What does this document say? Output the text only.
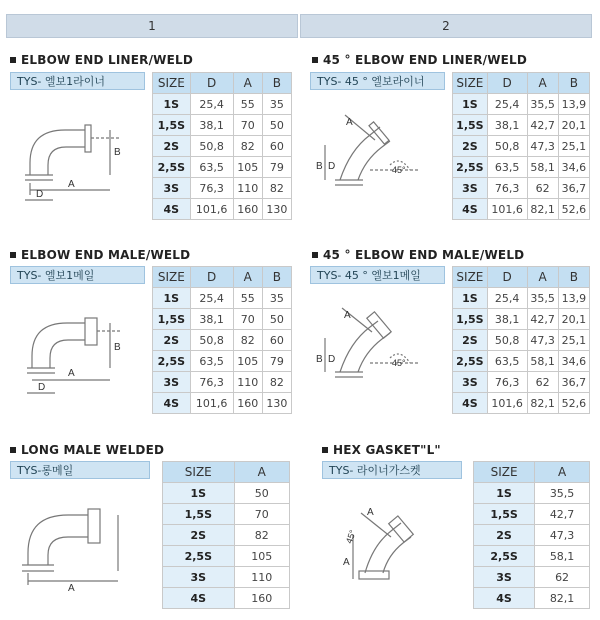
1	2
ELBOW END LINER/WELD
TYS- 엘보1라이너
B
A
D
SIZE	D	A	B
1S	25,4	55	35
1,5S	38,1	70	50
2S	50,8	82	60
2,5S	63,5	105	79
3S	76,3	110	82
4S	101,6	160	130
45 ° ELBOW END LINER/WELD
TYS- 45 ° 엘보라이너
A
B D	45°
SIZE	D	A	B
1S	25,4	35,5	13,9
1,5S	38,1	42,7	20,1
2S	50,8	47,3	25,1
2,5S	63,5	58,1	34,6
3S	76,3	62	36,7
4S	101,6	82,1	52,6
ELBOW END MALE/WELD
TYS- 엘보1메일
B
A
D
SIZE	D	A	B
1S	25,4	55	35
1,5S	38,1	70	50
2S	50,8	82	60
2,5S	63,5	105	79
3S	76,3	110	82
4S	101,6	160	130
45 ° ELBOW END MALE/WELD
TYS- 45 ° 엘보1메일
A
B D	45°
SIZE	D	A	B
1S	25,4	35,5	13,9
1,5S	38,1	42,7	20,1
2S	50,8	47,3	25,1
2,5S	63,5	58,1	34,6
3S	76,3	62	36,7
4S	101,6	82,1	52,6
LONG MALE WELDED
TYS-롱메일
A
SIZE	A
1S	50
1,5S	70
2S	82
2,5S	105
3S	110
4S	160
HEX GASKET"L"
TYS- 라이너가스켓
A
45°
A
SIZE	A
1S	35,5
1,5S	42,7
2S	47,3
2,5S	58,1
3S	62
4S	82,1
